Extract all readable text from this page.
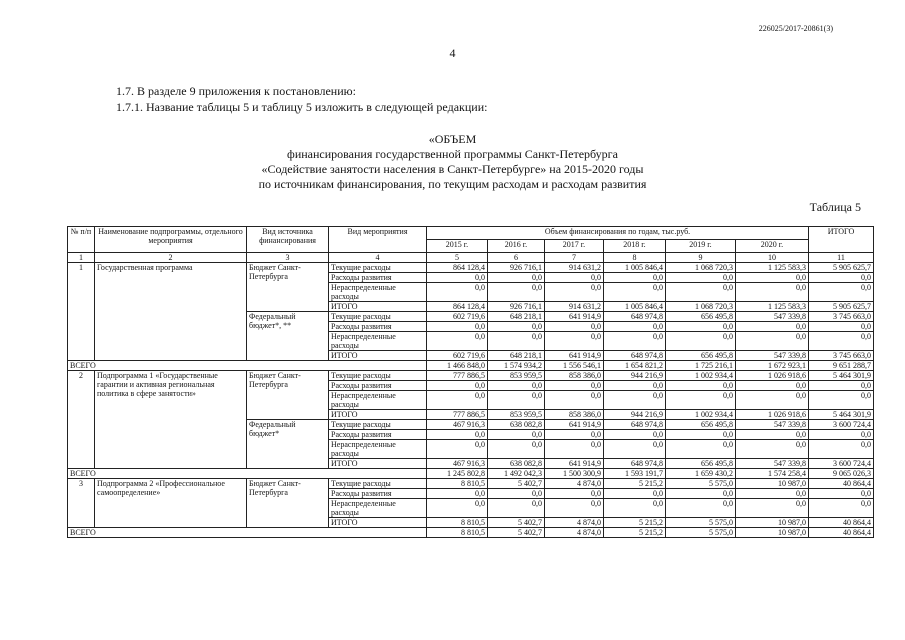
226025/2017-20861(3)
4
1.7. В разделе 9 приложения к постановлению:
1.7.1. Название таблицы 5 и таблицу 5 изложить в следующей редакции:
«ОБЪЕМ
финансирования государственной программы Санкт-Петербурга
«Содействие занятости населения в Санкт-Петербурге» на 2015-2020 годы
по источникам финансирования, по текущим расходам и расходам развития
Таблица 5
№ п/п	Наименование подпрограммы, отдельного мероприятия	Вид источника финансирования	Вид мероприятия	Объем финансирования по годам, тыс.руб.						ИТОГО
				2015 г.	2016 г.	2017 г.	2018 г.	2019 г.	2020 г.	
1	2	3	4	5	6	7	8	9	10	11
1	Государственная программа	Бюджет Санкт-Петербурга	Текущие расходы	864 128,4	926 716,1	914 631,2	1 005 846,4	1 068 720,3	1 125 583,3	5 905 625,7
			Расходы развития	0,0	0,0	0,0	0,0	0,0	0,0	0,0
			Нераспределенные расходы	0,0	0,0	0,0	0,0	0,0	0,0	0,0
			ИТОГО	864 128,4	926 716,1	914 631,2	1 005 846,4	1 068 720,3	1 125 583,3	5 905 625,7
		Федеральный бюджет*, **	Текущие расходы	602 719,6	648 218,1	641 914,9	648 974,8	656 495,8	547 339,8	3 745 663,0
			Расходы развития	0,0	0,0	0,0	0,0	0,0	0,0	0,0
			Нераспределенные расходы	0,0	0,0	0,0	0,0	0,0	0,0	0,0
			ИТОГО	602 719,6	648 218,1	641 914,9	648 974,8	656 495,8	547 339,8	3 745 663,0
ВСЕГО				1 466 848,0	1 574 934,2	1 556 546,1	1 654 821,2	1 725 216,1	1 672 923,1	9 651 288,7
2	Подпрограмма 1 «Государственные гарантии и активная региональная политика в сфере занятости»	Бюджет Санкт-Петербурга	Текущие расходы	777 886,5	853 959,5	858 386,0	944 216,9	1 002 934,4	1 026 918,6	5 464 301,9
			Расходы развития	0,0	0,0	0,0	0,0	0,0	0,0	0,0
			Нераспределенные расходы	0,0	0,0	0,0	0,0	0,0	0,0	0,0
			ИТОГО	777 886,5	853 959,5	858 386,0	944 216,9	1 002 934,4	1 026 918,6	5 464 301,9
		Федеральный бюджет*	Текущие расходы	467 916,3	638 082,8	641 914,9	648 974,8	656 495,8	547 339,8	3 600 724,4
			Расходы развития	0,0	0,0	0,0	0,0	0,0	0,0	0,0
			Нераспределенные расходы	0,0	0,0	0,0	0,0	0,0	0,0	0,0
			ИТОГО	467 916,3	638 082,8	641 914,9	648 974,8	656 495,8	547 339,8	3 600 724,4
ВСЕГО				1 245 802,8	1 492 042,3	1 500 300,9	1 593 191,7	1 659 430,2	1 574 258,4	9 065 026,3
3	Подпрограмма 2 «Профессиональное самоопределение»	Бюджет Санкт-Петербурга	Текущие расходы	8 810,5	5 402,7	4 874,0	5 215,2	5 575,0	10 987,0	40 864,4
			Расходы развития	0,0	0,0	0,0	0,0	0,0	0,0	0,0
			Нераспределенные расходы	0,0	0,0	0,0	0,0	0,0	0,0	0,0
			ИТОГО	8 810,5	5 402,7	4 874,0	5 215,2	5 575,0	10 987,0	40 864,4
ВСЕГО				8 810,5	5 402,7	4 874,0	5 215,2	5 575,0	10 987,0	40 864,4
